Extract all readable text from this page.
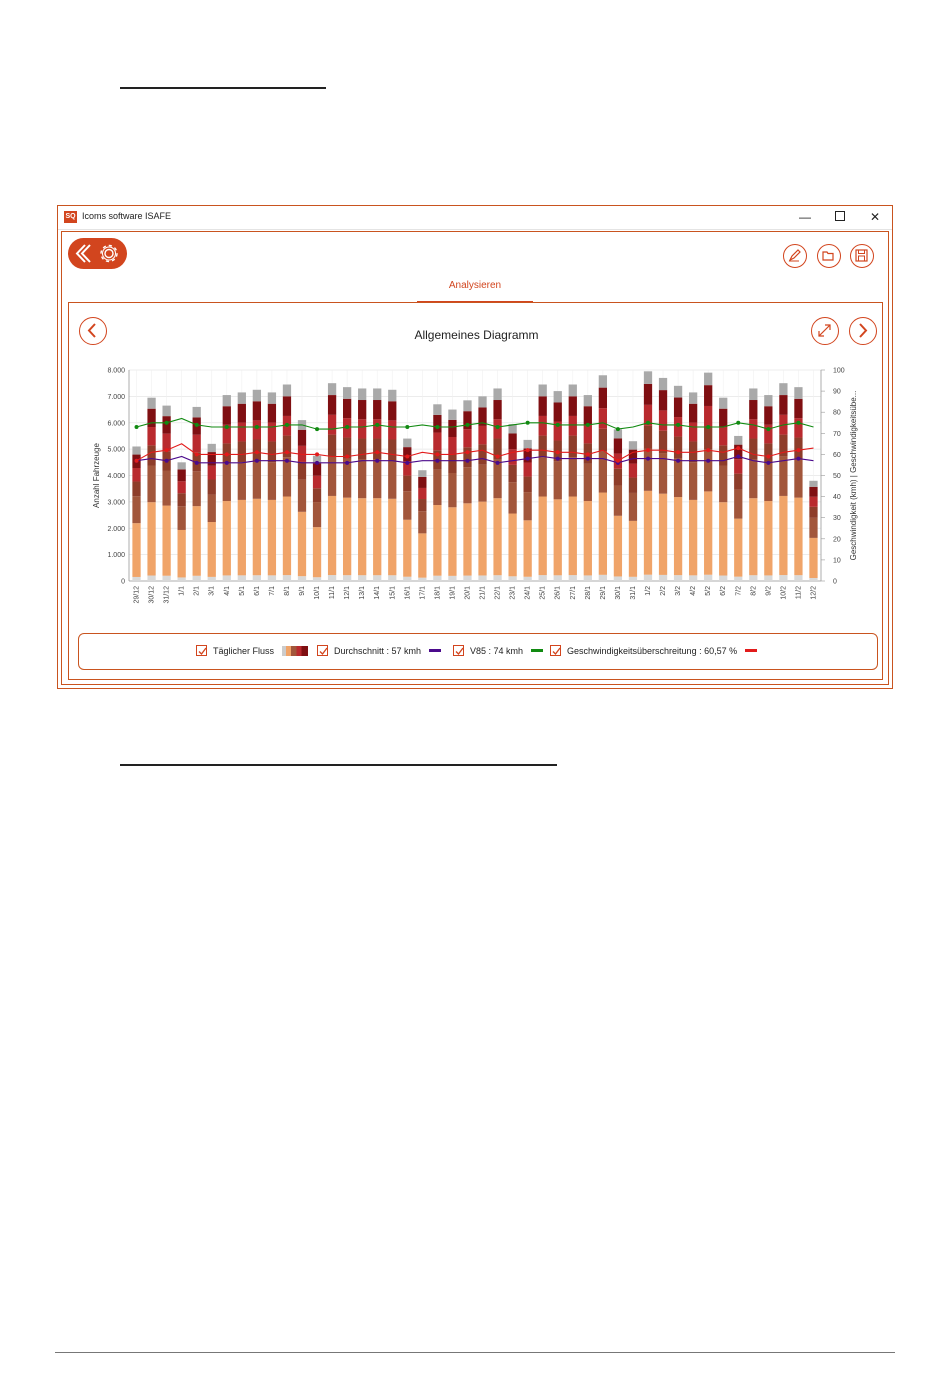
SQ Icoms software ISAFE	—	✕
Analysieren
Allgemeines Diagramm
0
1.000
2.000
3.000
4.000
5.000
6.000
7.000
8.000
0
10
20
30
40
50
60
70
80
90
100
29/12 30/12 31/12 1/1 2/1 3/1 4/1 5/1 6/1 7/1 8/1 9/1 10/1 11/1 12/1 13/1 14/1 15/1 16/1 17/1 18/1 19/1 20/1 21/1 22/1 23/1 24/1 25/1 26/1 27/1 28/1 29/1 30/1 31/1 1/2 2/2 3/2 4/2 5/2 6/2 7/2 8/2 9/2 10/2 11/2 12/2
Anzahl Fahrzeuge	Geschwindigkeit (kmh) | Geschwindigkeitsübe...
Täglicher Fluss	Durchschnitt : 57 kmh	V85 : 74 kmh	Geschwindigkeitsüberschreitung : 60,57 %
